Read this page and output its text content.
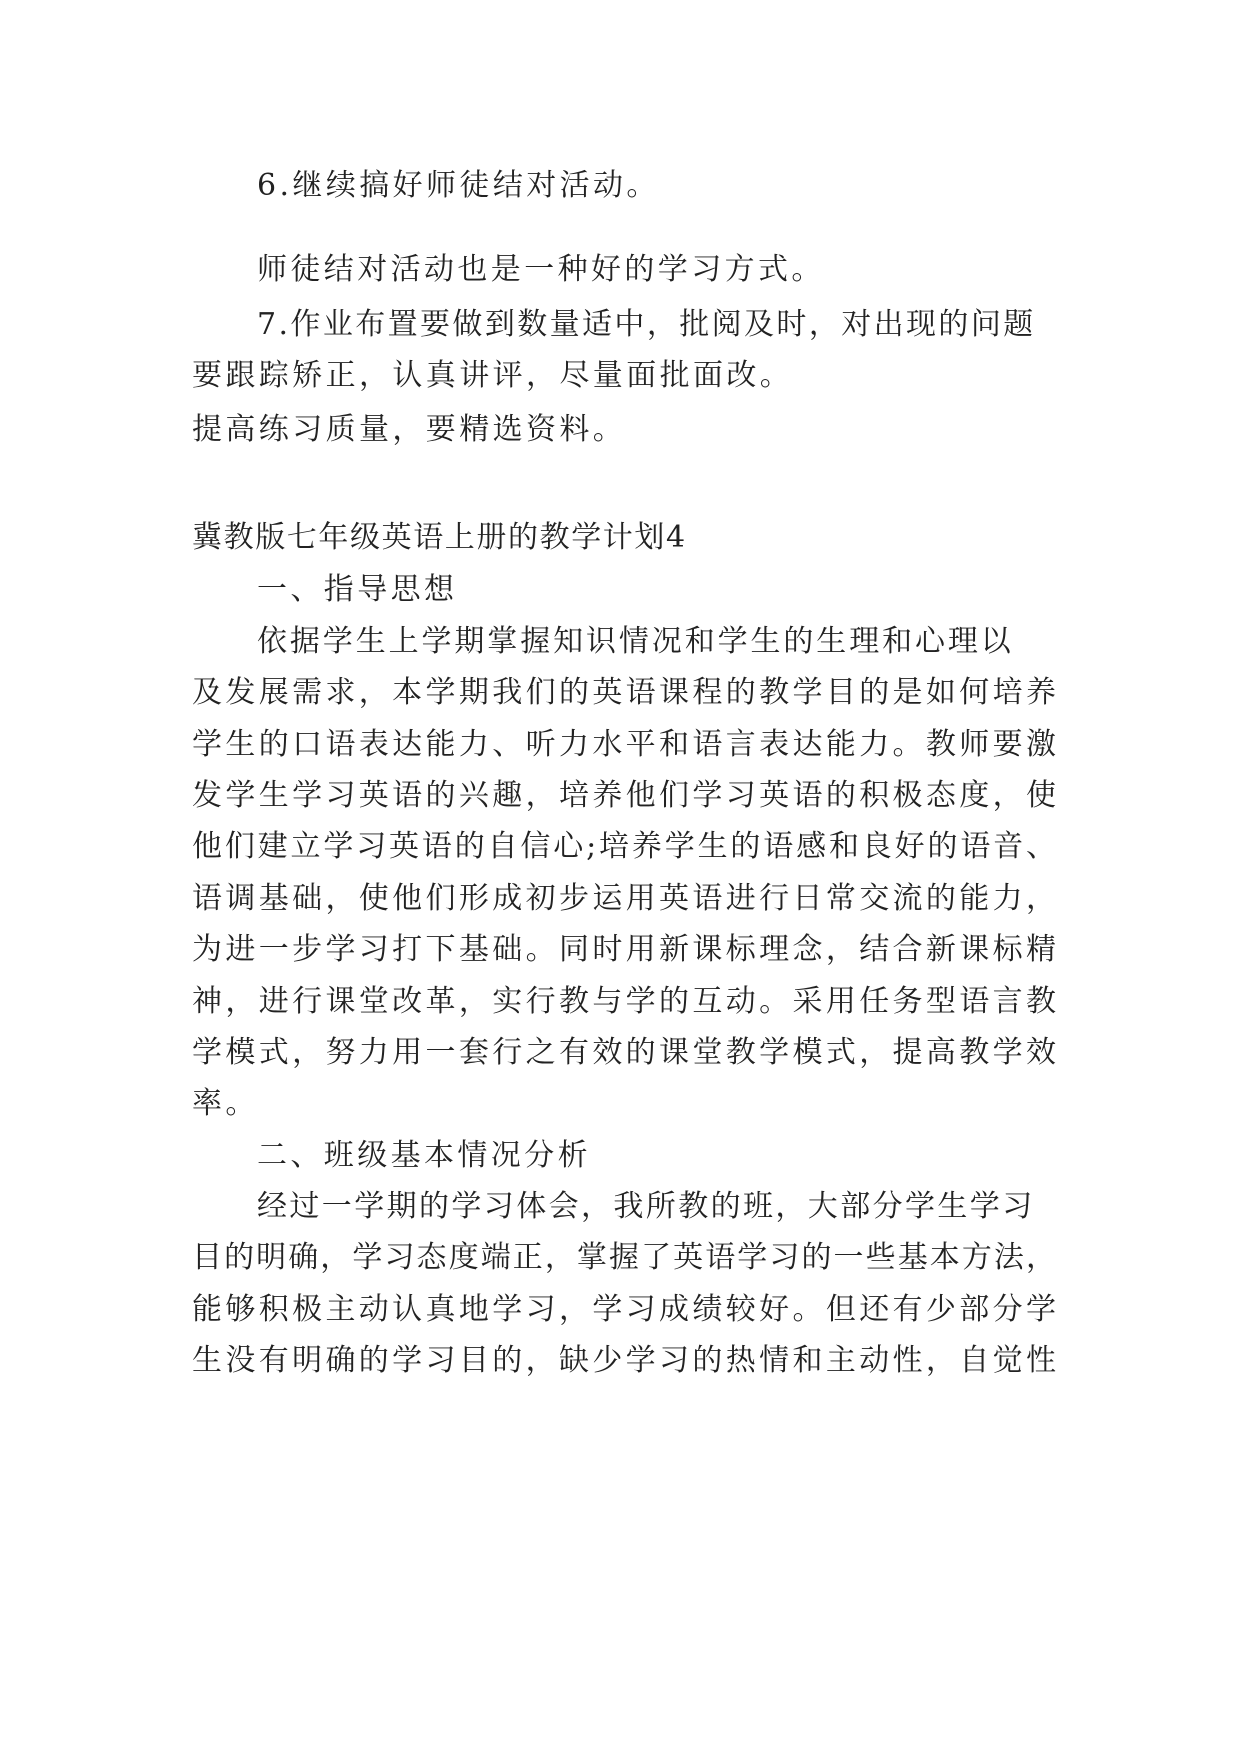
6.继续搞好师徒结对活动。
师徒结对活动也是一种好的学习方式。
7.作业布置要做到数量适中，批阅及时，对出现的问题
要跟踪矫正，认真讲评，尽量面批面改。
提高练习质量，要精选资料。
冀教版七年级英语上册的教学计划4
一、指导思想
依据学生上学期掌握知识情况和学生的生理和心理以
及发展需求，本学期我们的英语课程的教学目的是如何培养
学生的口语表达能力、听力水平和语言表达能力。教师要激
发学生学习英语的兴趣，培养他们学习英语的积极态度，使
他们建立学习英语的自信心;培养学生的语感和良好的语音、
语调基础，使他们形成初步运用英语进行日常交流的能力，
为进一步学习打下基础。同时用新课标理念，结合新课标精
神，进行课堂改革，实行教与学的互动。采用任务型语言教
学模式，努力用一套行之有效的课堂教学模式，提高教学效
率。
二、班级基本情况分析
经过一学期的学习体会，我所教的班，大部分学生学习
目的明确，学习态度端正，掌握了英语学习的一些基本方法，
能够积极主动认真地学习，学习成绩较好。但还有少部分学
生没有明确的学习目的，缺少学习的热情和主动性，自觉性
